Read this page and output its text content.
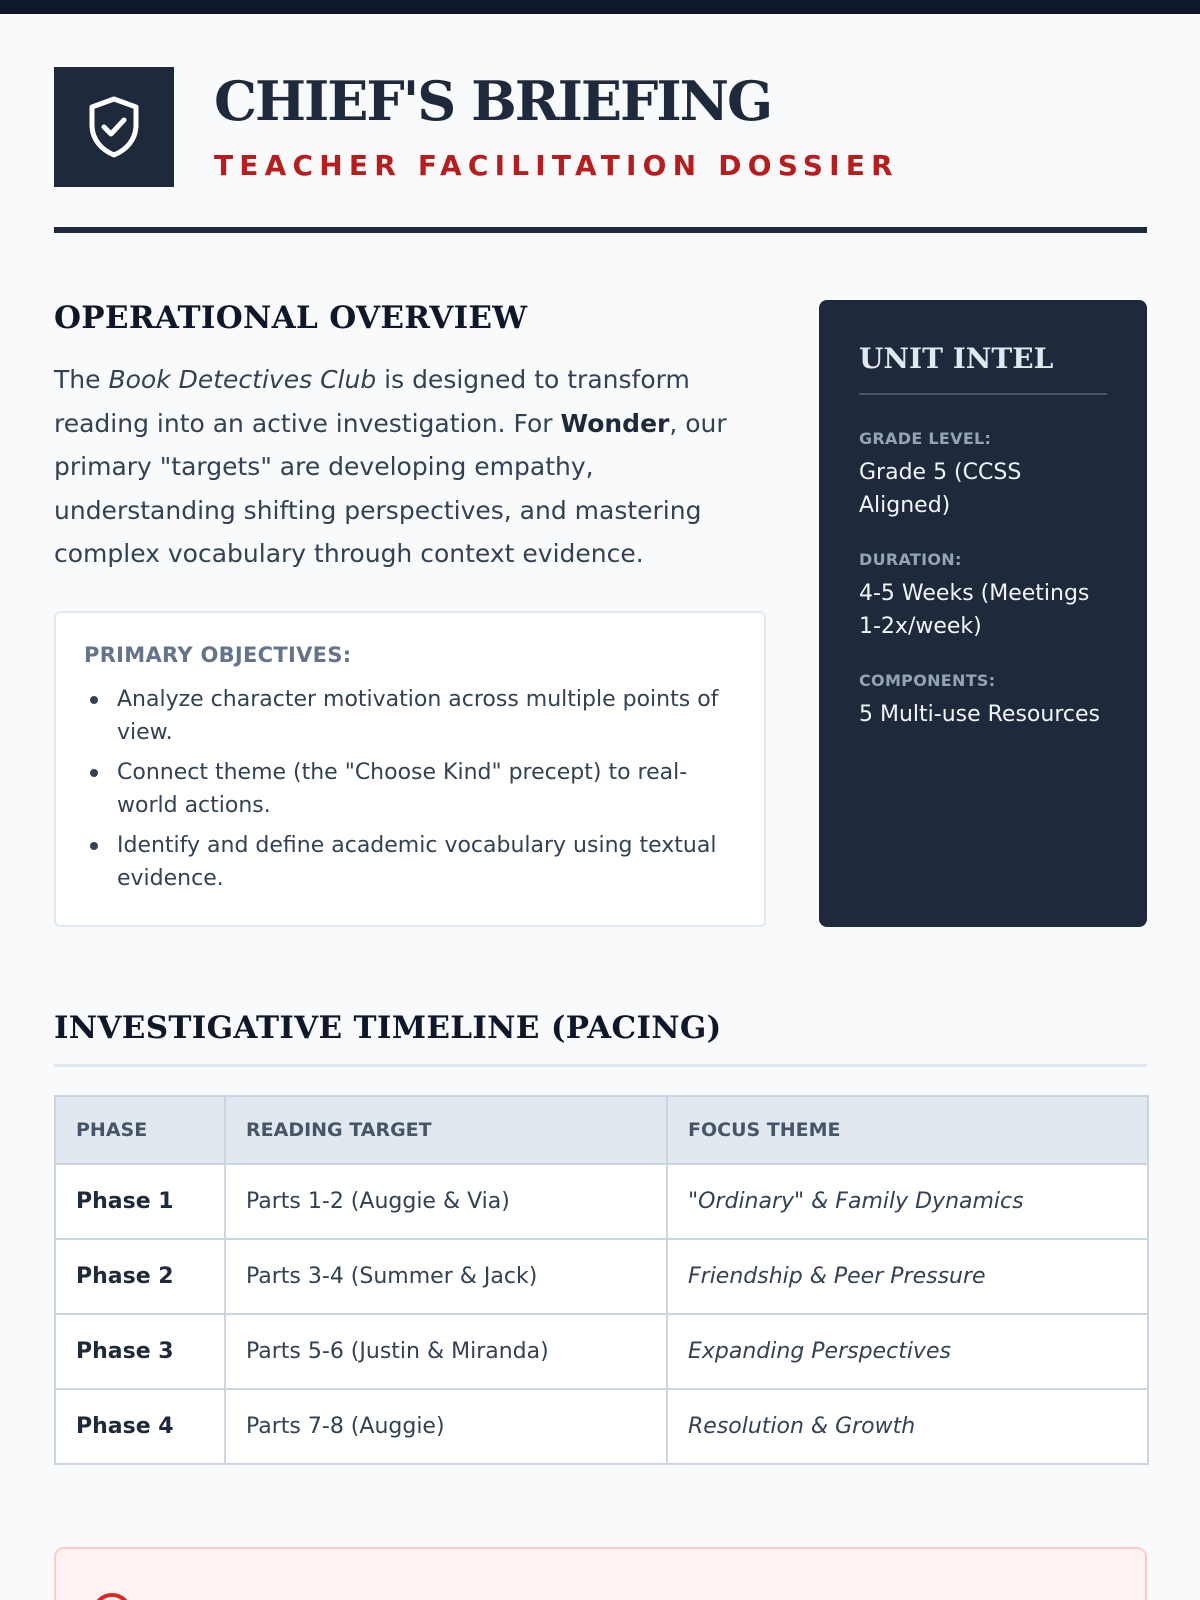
CHIEF'S BRIEFING
TEACHER FACILITATION DOSSIER
OPERATIONAL OVERVIEW

The Book Detectives Club is designed to transform reading into an active investigation. For Wonder, our primary "targets" are developing empathy, understanding shifting perspectives, and mastering complex vocabulary through context evidence.

PRIMARY OBJECTIVES:
Analyze character motivation across multiple points of view.
Connect theme (the "Choose Kind" precept) to real-world actions.
Identify and define academic vocabulary using textual evidence.
UNIT INTEL
GRADE LEVEL:
Grade 5 (CCSS Aligned)
DURATION:
4-5 Weeks (Meetings 1-2x/week)
COMPONENTS:
5 Multi-use Resources
INVESTIGATIVE TIMELINE (PACING)
PHASE	READING TARGET	FOCUS THEME
Phase 1	Parts 1-2 (Auggie & Via)	"Ordinary" & Family Dynamics
Phase 2	Parts 3-4 (Summer & Jack)	Friendship & Peer Pressure
Phase 3	Parts 5-6 (Justin & Miranda)	Expanding Perspectives
Phase 4	Parts 7-8 (Auggie)	Resolution & Growth
